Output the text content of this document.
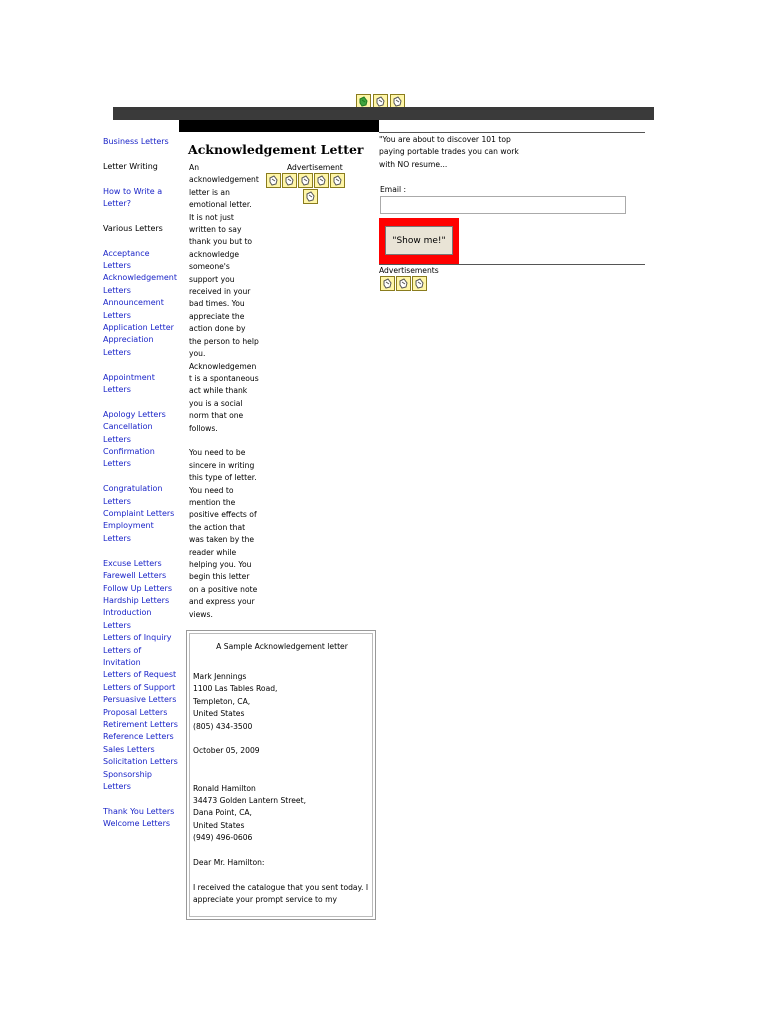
Business Letters
Letter Writing
How to Write a
Letter?
Various Letters
Acceptance Letters
Acknowledgement
Letters
Announcement
Letters
Application Letter
Appreciation Letters
Appointment Letters
Apology Letters
Cancellation Letters
Confirmation Letters
Congratulation
Letters
Complaint Letters
Employment Letters
Excuse Letters
Farewell Letters
Follow Up Letters
Hardship Letters
Introduction Letters
Letters of Inquiry
Letters of Invitation
Letters of Request
Letters of Support
Persuasive Letters
Proposal Letters
Retirement Letters
Reference Letters
Sales Letters
Solicitation Letters
Sponsorship Letters
Thank You Letters
Welcome Letters
Acknowledgement Letter

An acknowledgement letter is an emotional letter. It is not just written to say thank you but to acknowledge someone's support you received in your bad times. You appreciate the action done by the person to help you. Acknowledgement is a spontaneous act while thank you is a social norm that one follows.

You need to be sincere in writing this type of letter. You need to mention the positive effects of the action that was taken by the reader while helping you. You begin this letter on a positive note and express your views.

Advertisement
A Sample Acknowledgement letter
Mark Jennings
1100 Las Tables Road,
Templeton, CA,
United States
(805) 434-3500
October 05, 2009
Ronald Hamilton
34473 Golden Lantern Street,
Dana Point, CA,
United States
(949) 496-0606
Dear Mr. Hamilton:
I received the catalogue that you sent today. I appreciate your prompt service to my
"You are about to discover 101 top paying portable trades you can work with NO resume...
Email :
"Show me!"
Advertisements
